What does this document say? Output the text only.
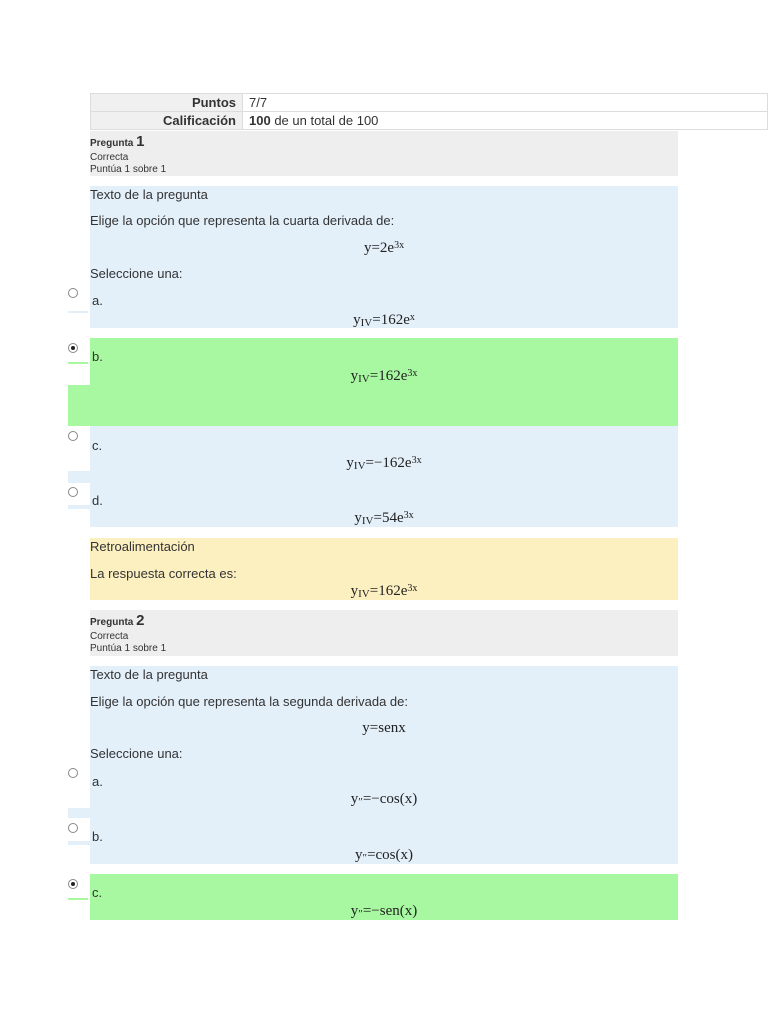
Puntos	7/7
Calificación	100 de un total de 100
Pregunta 1
Correcta
Puntúa 1 sobre 1
Texto de la pregunta
Elige la opción que representa la cuarta derivada de:
$y=2e^{3x}$
Seleccione una:
a.
$yIV=162e^x$
b.
$yIV=162e^{3x}$
c.
$yIV=-162e^{3x}$
d.
$yIV=54e^{3x}$
Retroalimentación
La respuesta correcta es:
$yIV=162e^{3x}$
Pregunta 2
Correcta
Puntúa 1 sobre 1
Texto de la pregunta
Elige la opción que representa la segunda derivada de:
y=senx
Seleccione una:
a.
y″=−cos(x)
b.
y″=cos(x)
c.
y″=−sen(x)
